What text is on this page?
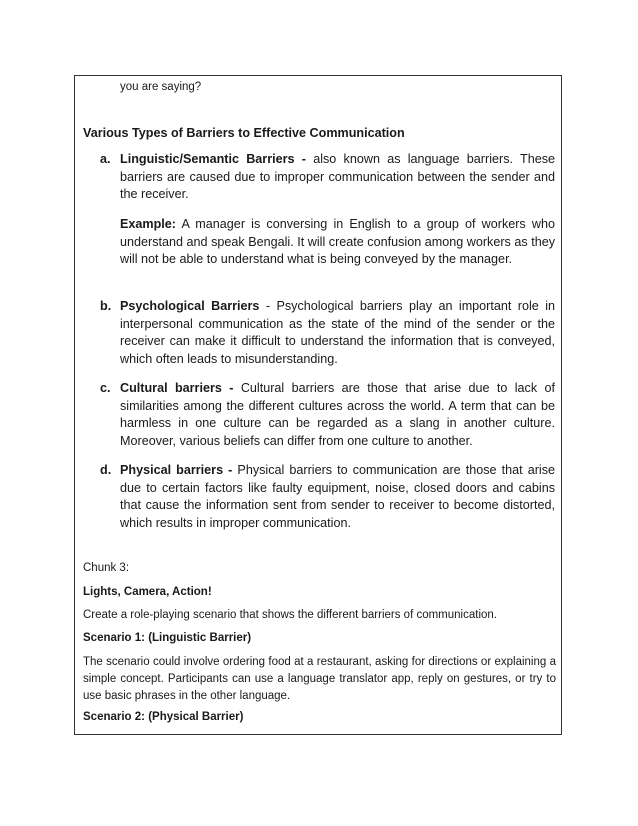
you are saying?
Various Types of Barriers to Effective Communication
a. Linguistic/Semantic Barriers - also known as language barriers. These barriers are caused due to improper communication between the sender and the receiver.
Example: A manager is conversing in English to a group of workers who understand and speak Bengali. It will create confusion among workers as they will not be able to understand what is being conveyed by the manager.
b. Psychological Barriers - Psychological barriers play an important role in interpersonal communication as the state of the mind of the sender or the receiver can make it difficult to understand the information that is conveyed, which often leads to misunderstanding.
c. Cultural barriers - Cultural barriers are those that arise due to lack of similarities among the different cultures across the world. A term that can be harmless in one culture can be regarded as a slang in another culture. Moreover, various beliefs can differ from one culture to another.
d. Physical barriers - Physical barriers to communication are those that arise due to certain factors like faulty equipment, noise, closed doors and cabins that cause the information sent from sender to receiver to become distorted, which results in improper communication.
Chunk 3:
Lights, Camera, Action!
Create a role-playing scenario that shows the different barriers of communication.
Scenario 1: (Linguistic Barrier)
The scenario could involve ordering food at a restaurant, asking for directions or explaining a simple concept. Participants can use a language translator app, reply on gestures, or try to use basic phrases in the other language.
Scenario 2: (Physical Barrier)
